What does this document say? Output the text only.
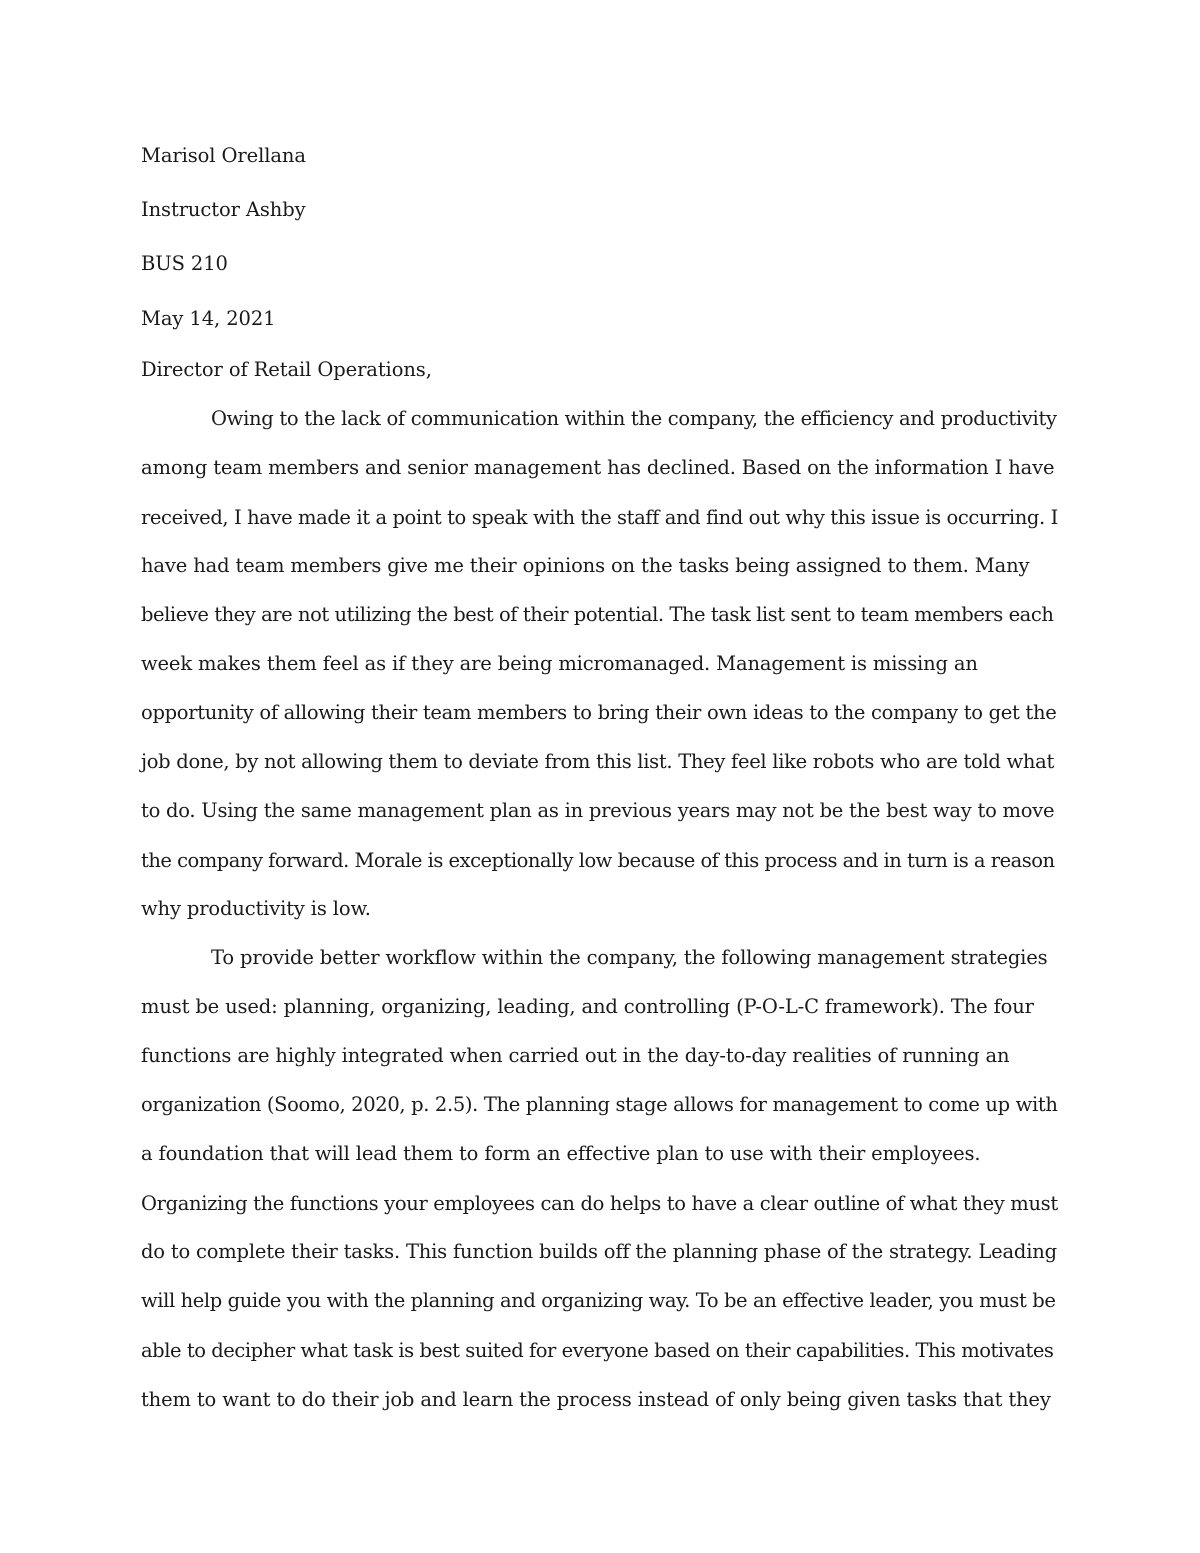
Marisol Orellana
Instructor Ashby
BUS 210
May 14, 2021
Director of Retail Operations,
Owing to the lack of communication within the company, the efficiency and productivity
among team members and senior management has declined. Based on the information I have
received, I have made it a point to speak with the staff and find out why this issue is occurring. I
have had team members give me their opinions on the tasks being assigned to them. Many
believe they are not utilizing the best of their potential. The task list sent to team members each
week makes them feel as if they are being micromanaged. Management is missing an
opportunity of allowing their team members to bring their own ideas to the company to get the
job done, by not allowing them to deviate from this list. They feel like robots who are told what
to do. Using the same management plan as in previous years may not be the best way to move
the company forward. Morale is exceptionally low because of this process and in turn is a reason
why productivity is low.
To provide better workflow within the company, the following management strategies
must be used: planning, organizing, leading, and controlling (P-O-L-C framework). The four
functions are highly integrated when carried out in the day-to-day realities of running an
organization (Soomo, 2020, p. 2.5). The planning stage allows for management to come up with
a foundation that will lead them to form an effective plan to use with their employees.
Organizing the functions your employees can do helps to have a clear outline of what they must
do to complete their tasks. This function builds off the planning phase of the strategy. Leading
will help guide you with the planning and organizing way. To be an effective leader, you must be
able to decipher what task is best suited for everyone based on their capabilities. This motivates
them to want to do their job and learn the process instead of only being given tasks that they
